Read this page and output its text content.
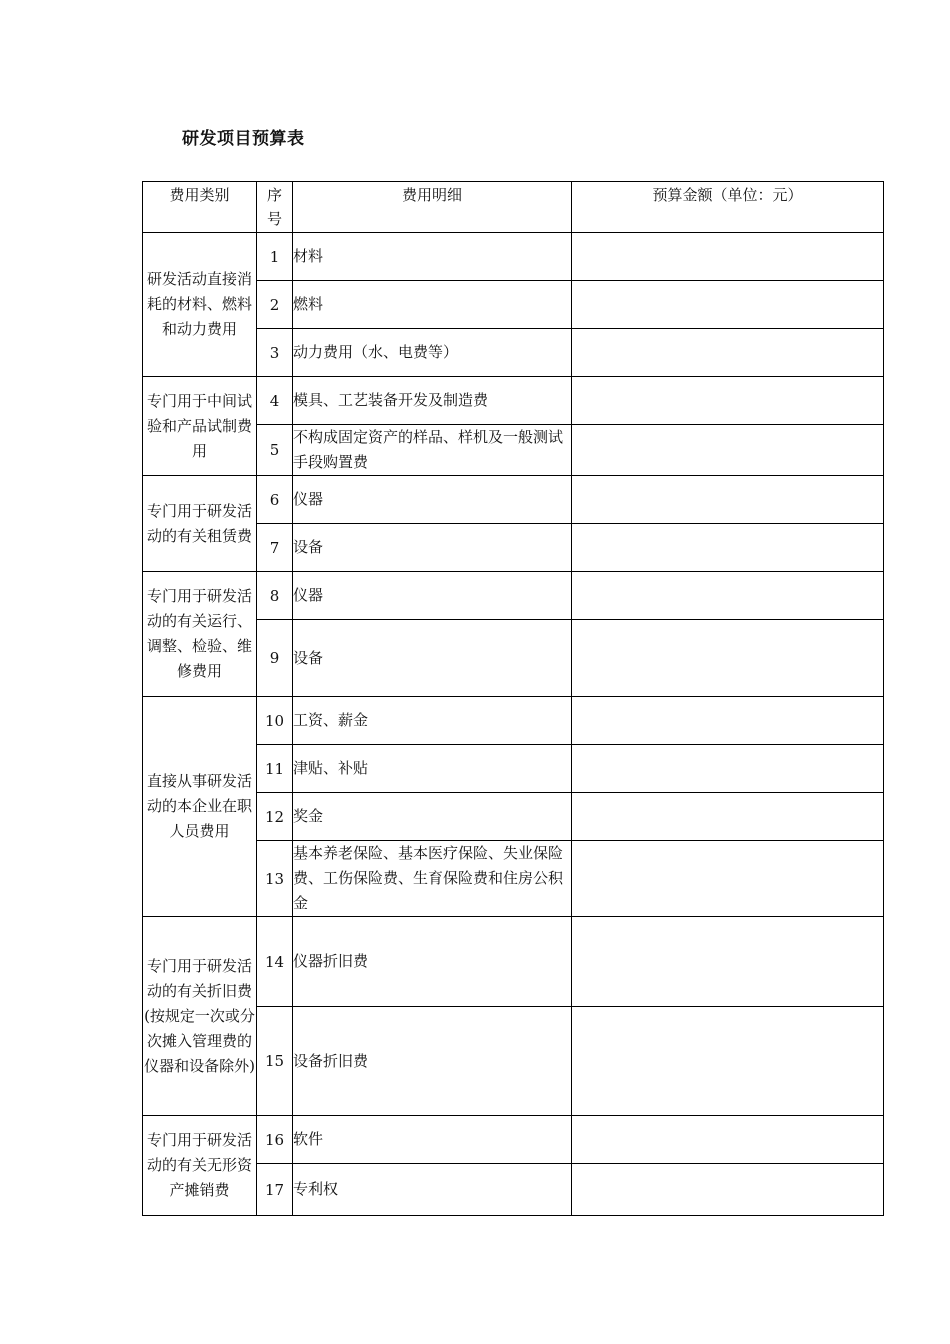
研发项目预算表
费用类别	序号	费用明细	预算金额（单位：元）
研发活动直接消耗的材料、燃料和动力费用	1	材料	
	2	燃料	
	3	动力费用（水、电费等）	
专门用于中间试验和产品试制费用	4	模具、工艺装备开发及制造费	
	5	不构成固定资产的样品、样机及一般测试手段购置费	
专门用于研发活动的有关租赁费	6	仪器	
	7	设备	
专门用于研发活动的有关运行、调整、检验、维修费用	8	仪器	
	9	设备	
直接从事研发活动的本企业在职人员费用	10	工资、薪金	
	11	津贴、补贴	
	12	奖金	
	13	基本养老保险、基本医疗保险、失业保险费、工伤保险费、生育保险费和住房公积金	
专门用于研发活动的有关折旧费(按规定一次或分次摊入管理费的仪器和设备除外)	14	仪器折旧费	
	15	设备折旧费	
专门用于研发活动的有关无形资产摊销费	16	软件	
	17	专利权	
